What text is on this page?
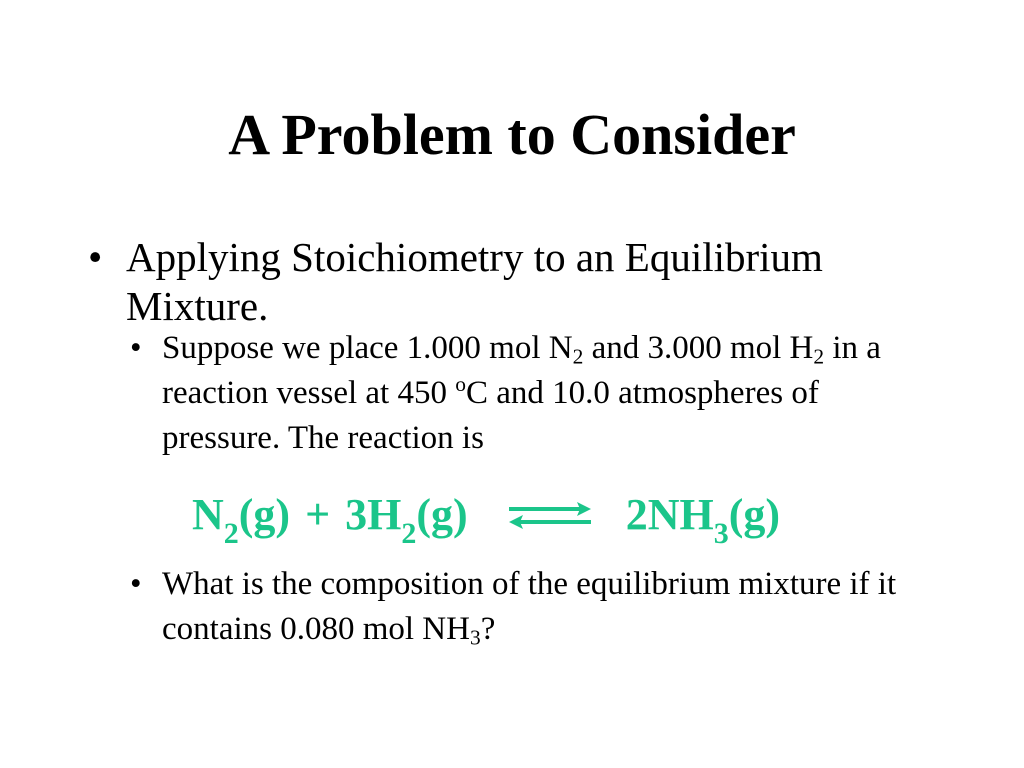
A Problem to Consider
• Applying Stoichiometry to an Equilibrium Mixture.
• Suppose we place 1.000 mol $N_2$ and 3.000 mol $H_2$ in a reaction vessel at 450 $^o$C and 10.0 atmospheres of pressure. The reaction is
N2(g) + 3H2(g) ⇌ 2NH3(g)
• What is the composition of the equilibrium mixture if it contains 0.080 mol $NH_3$?
